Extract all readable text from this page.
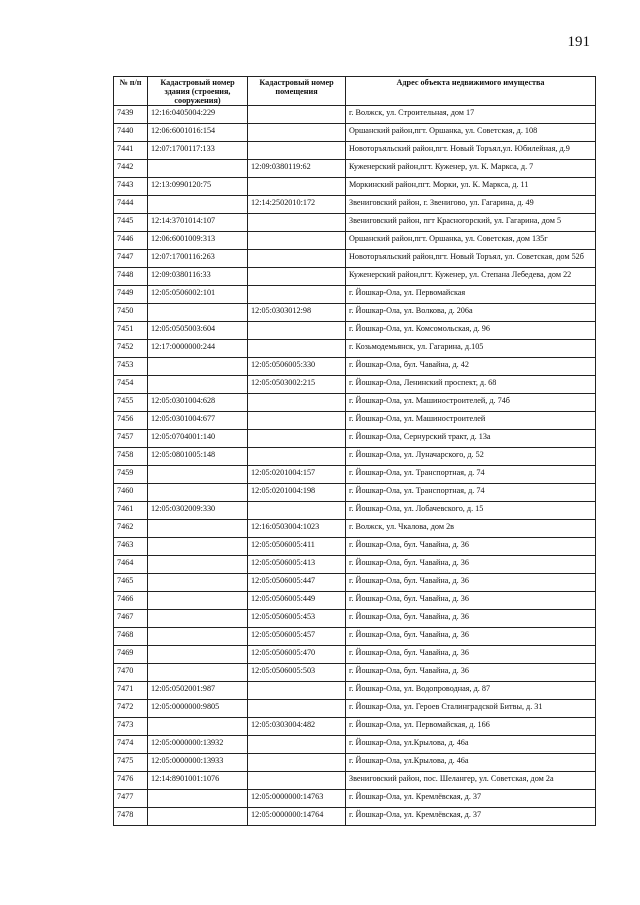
191
№ п/п	Кадастровый номер здания (строения, сооружения)	Кадастровый номер помещения	Адрес объекта недвижимого имущества
7439	12:16:0405004:229		г. Волжск, ул. Строительная, дом 17
7440	12:06:6001016:154		Оршанский район,пгт. Оршанка, ул. Советская, д. 108
7441	12:07:1700117:133		Новоторъяльский район,пгт. Новый Торъял,ул. Юбилейная, д.9
7442		12:09:0380119:62	Куженерский район,пгт. Куженер, ул. К. Маркса, д. 7
7443	12:13:0990120:75		Моркинский район,пгт. Морки, ул. К. Маркса, д. 11
7444		12:14:2502010:172	Звениговский район, г. Звенигово, ул. Гагарина, д. 49
7445	12:14:3701014:107		Звениговский район, пгт Красногорский, ул. Гагарина, дом 5
7446	12:06:6001009:313		Оршанский район,пгт. Оршанка, ул. Советская, дом 135г
7447	12:07:1700116:263		Новоторъяльский район,пгт. Новый Торъял, ул. Советская, дом 52б
7448	12:09:0380116:33		Куженерский район,пгт. Куженер, ул. Степана Лебедева, дом 22
7449	12:05:0506002:101		г. Йошкар-Ола, ул. Первомайская
7450		12:05:0303012:98	г. Йошкар-Ола, ул. Волкова, д. 206а
7451	12:05:0505003:604		г. Йошкар-Ола, ул. Комсомольская, д. 96
7452	12:17:0000000:244		г. Козьмодемьянск, ул. Гагарина, д.105
7453		12:05:0506005:330	г. Йошкар-Ола, бул. Чавайна, д. 42
7454		12:05:0503002:215	г. Йошкар-Ола, Ленинский проспект, д. 68
7455	12:05:0301004:628		г. Йошкар-Ола, ул. Машиностроителей, д. 74б
7456	12:05:0301004:677		г. Йошкар-Ола, ул. Машиностроителей
7457	12:05:0704001:140		г. Йошкар-Ола, Сернурский тракт, д. 13а
7458	12:05:0801005:148		г. Йошкар-Ола, ул. Луначарского, д. 52
7459		12:05:0201004:157	г. Йошкар-Ола, ул. Транспортная, д. 74
7460		12:05:0201004:198	г. Йошкар-Ола, ул. Транспортная, д. 74
7461	12:05:0302009:330		г. Йошкар-Ола, ул. Лобачевского, д. 15
7462		12:16:0503004:1023	г. Волжск, ул. Чкалова, дом 2в
7463		12:05:0506005:411	г. Йошкар-Ола, бул. Чавайна, д. 36
7464		12:05:0506005:413	г. Йошкар-Ола, бул. Чавайна, д. 36
7465		12:05:0506005:447	г. Йошкар-Ола, бул. Чавайна, д. 36
7466		12:05:0506005:449	г. Йошкар-Ола, бул. Чавайна, д. 36
7467		12:05:0506005:453	г. Йошкар-Ола, бул. Чавайна, д. 36
7468		12:05:0506005:457	г. Йошкар-Ола, бул. Чавайна, д. 36
7469		12:05:0506005:470	г. Йошкар-Ола, бул. Чавайна, д. 36
7470		12:05:0506005:503	г. Йошкар-Ола, бул. Чавайна, д. 36
7471	12:05:0502001:987		г. Йошкар-Ола, ул. Водопроводная, д. 87
7472	12:05:0000000:9805		г. Йошкар-Ола, ул. Героев Сталинградской Битвы, д. 31
7473		12:05:0303004:482	г. Йошкар-Ола, ул. Первомайская, д. 166
7474	12:05:0000000:13932		г. Йошкар-Ола, ул.Крылова, д. 46а
7475	12:05:0000000:13933		г. Йошкар-Ола, ул.Крылова, д. 46а
7476	12:14:8901001:1076		Звениговский район, пос. Шелангер, ул. Советская, дом 2а
7477		12:05:0000000:14763	г. Йошкар-Ола, ул. Кремлёвская, д. 37
7478		12:05:0000000:14764	г. Йошкар-Ола, ул. Кремлёвская, д. 37
